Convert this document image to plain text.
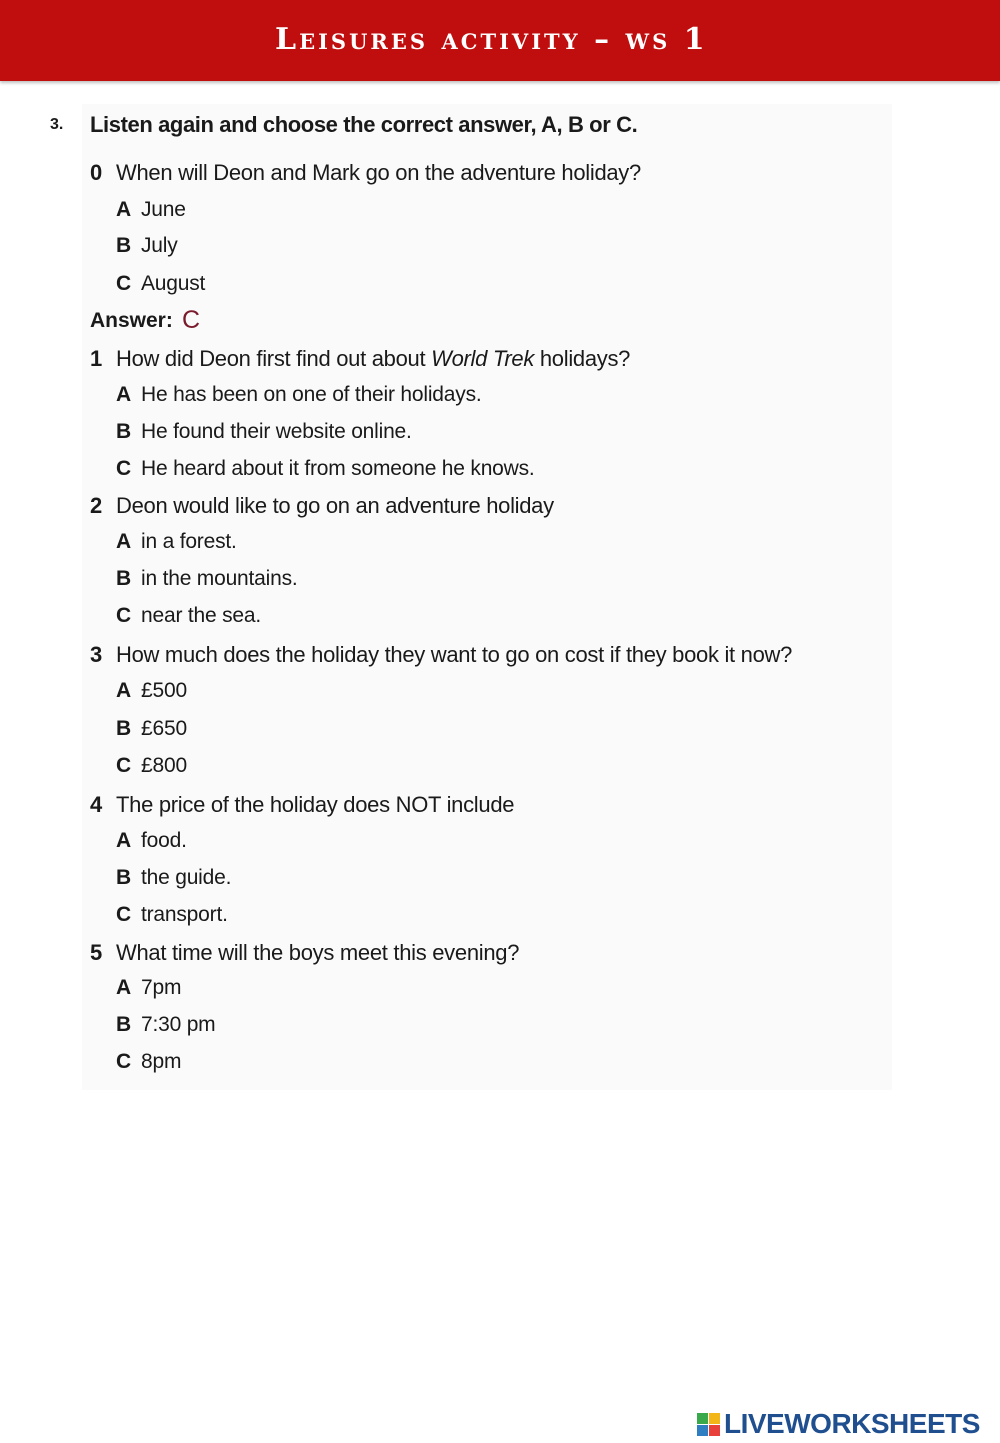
Leisures activity – ws 1
3. Listen again and choose the correct answer, A, B or C.
0 When will Deon and Mark go on the adventure holiday?
A June
B July
C August
Answer: C
1 How did Deon first find out about World Trek holidays?
A He has been on one of their holidays.
B He found their website online.
C He heard about it from someone he knows.
2 Deon would like to go on an adventure holiday
A in a forest.
B in the mountains.
C near the sea.
3 How much does the holiday they want to go on cost if they book it now?
A £500
B £650
C £800
4 The price of the holiday does NOT include
A food.
B the guide.
C transport.
5 What time will the boys meet this evening?
A 7pm
B 7:30 pm
C 8pm
LIVEWORKSHEETS
